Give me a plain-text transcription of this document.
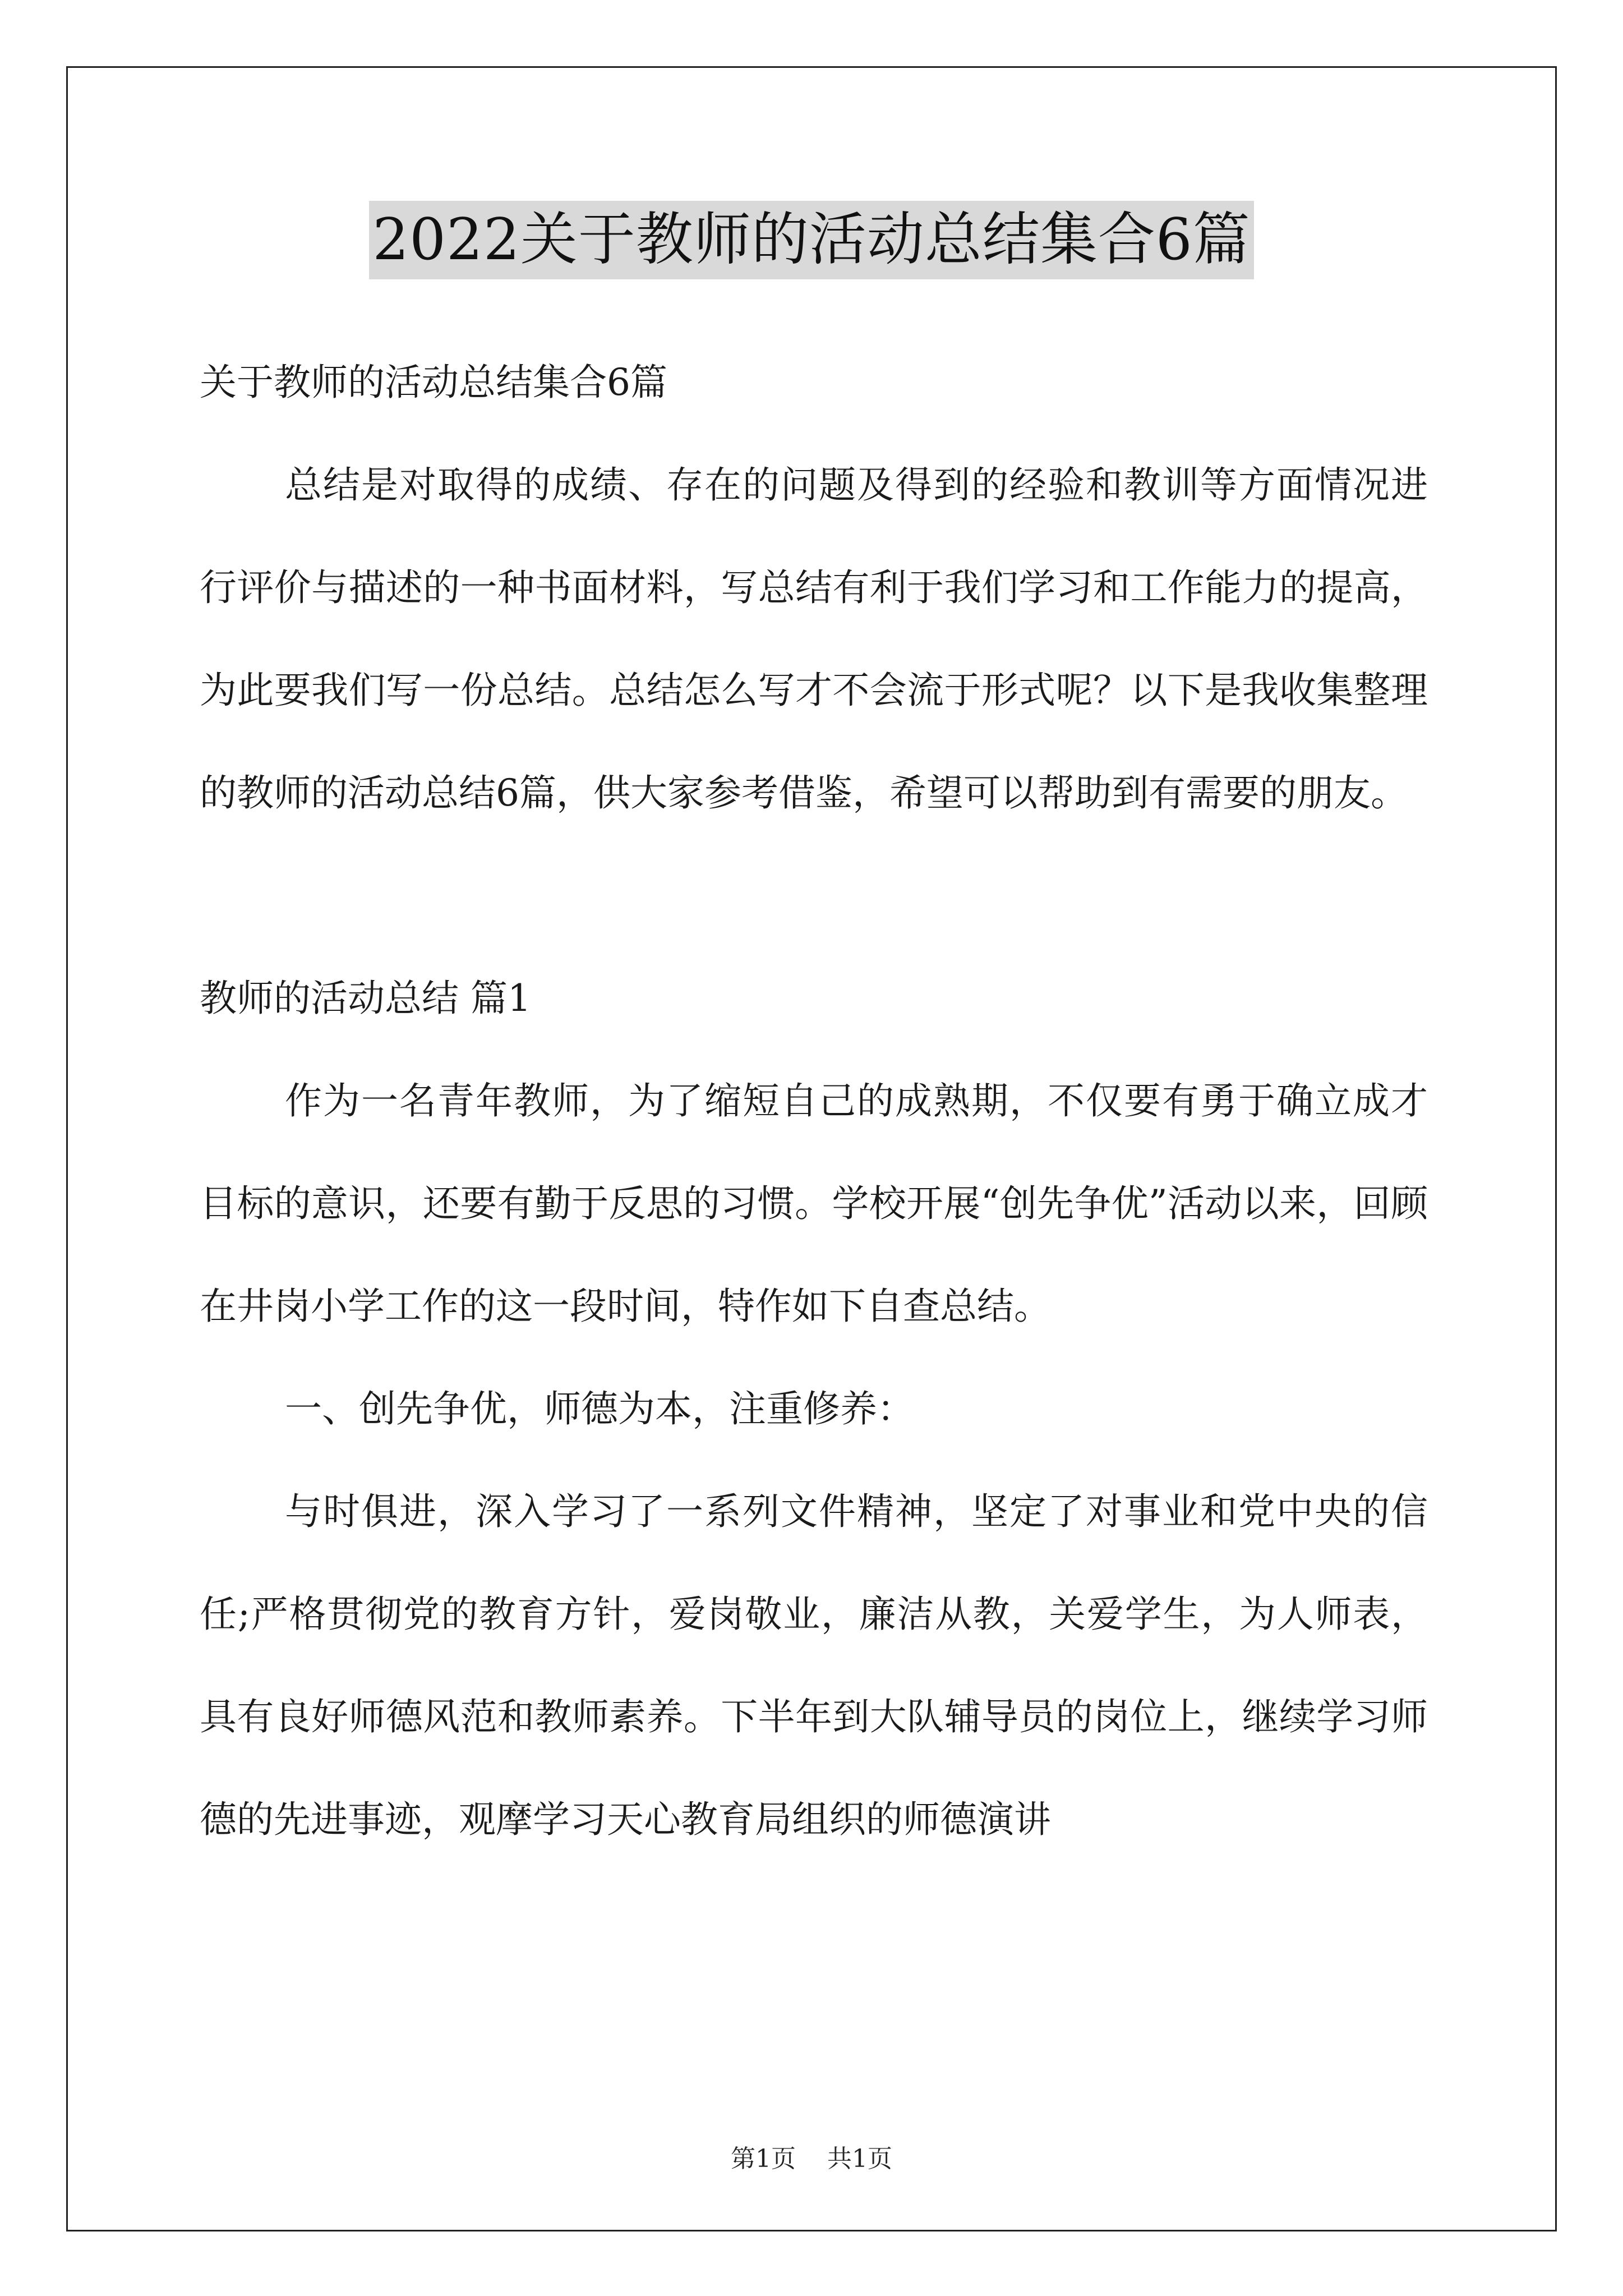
2022关于教师的活动总结集合6篇

关于教师的活动总结集合6篇

总结是对取得的成绩、存在的问题及得到的经验和教训等方面情况进行评价与描述的一种书面材料，写总结有利于我们学习和工作能力的提高，为此要我们写一份总结。总结怎么写才不会流于形式呢？以下是我收集整理的教师的活动总结6篇，供大家参考借鉴，希望可以帮助到有需要的朋友。

教师的活动总结 篇1

作为一名青年教师，为了缩短自己的成熟期，不仅要有勇于确立成才目标的意识，还要有勤于反思的习惯。学校开展“创先争优”活动以来，回顾在井岗小学工作的这一段时间，特作如下自查总结。

一、创先争优，师德为本，注重修养：

与时俱进，深入学习了一系列文件精神，坚定了对事业和党中央的信任;严格贯彻党的教育方针，爱岗敬业，廉洁从教，关爱学生，为人师表，具有良好师德风范和教师素养。下半年到大队辅导员的岗位上，继续学习师德的先进事迹，观摩学习天心教育局组织的师德演讲

第1页 共1页
